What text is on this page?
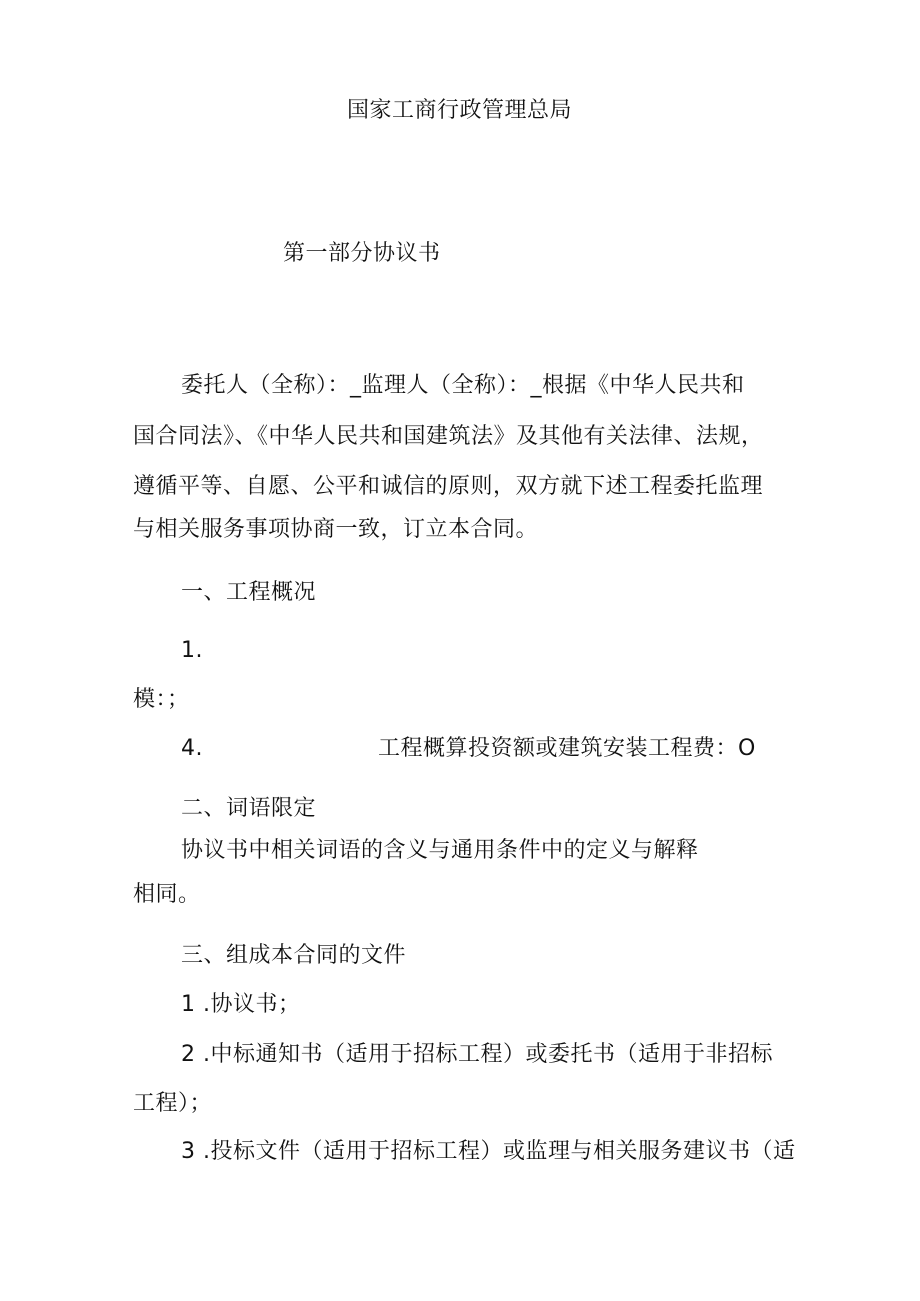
国家工商行政管理总局
第一部分协议书
委托人（全称）：_监理人（全称）：_根据《中华人民共和
国合同法》、《中华人民共和国建筑法》及其他有关法律、法规，
遵循平等、自愿、公平和诚信的原则，双方就下述工程委托监理
与相关服务事项协商一致，订立本合同。
一、工程概况
1.
模：；
4.	工程概算投资额或建筑安装工程费：O
二、词语限定
协议书中相关词语的含义与通用条件中的定义与解释
相同。
三、组成本合同的文件
1 .协议书；
2 .中标通知书（适用于招标工程）或委托书（适用于非招标
工程）；
3 .投标文件（适用于招标工程）或监理与相关服务建议书（适
